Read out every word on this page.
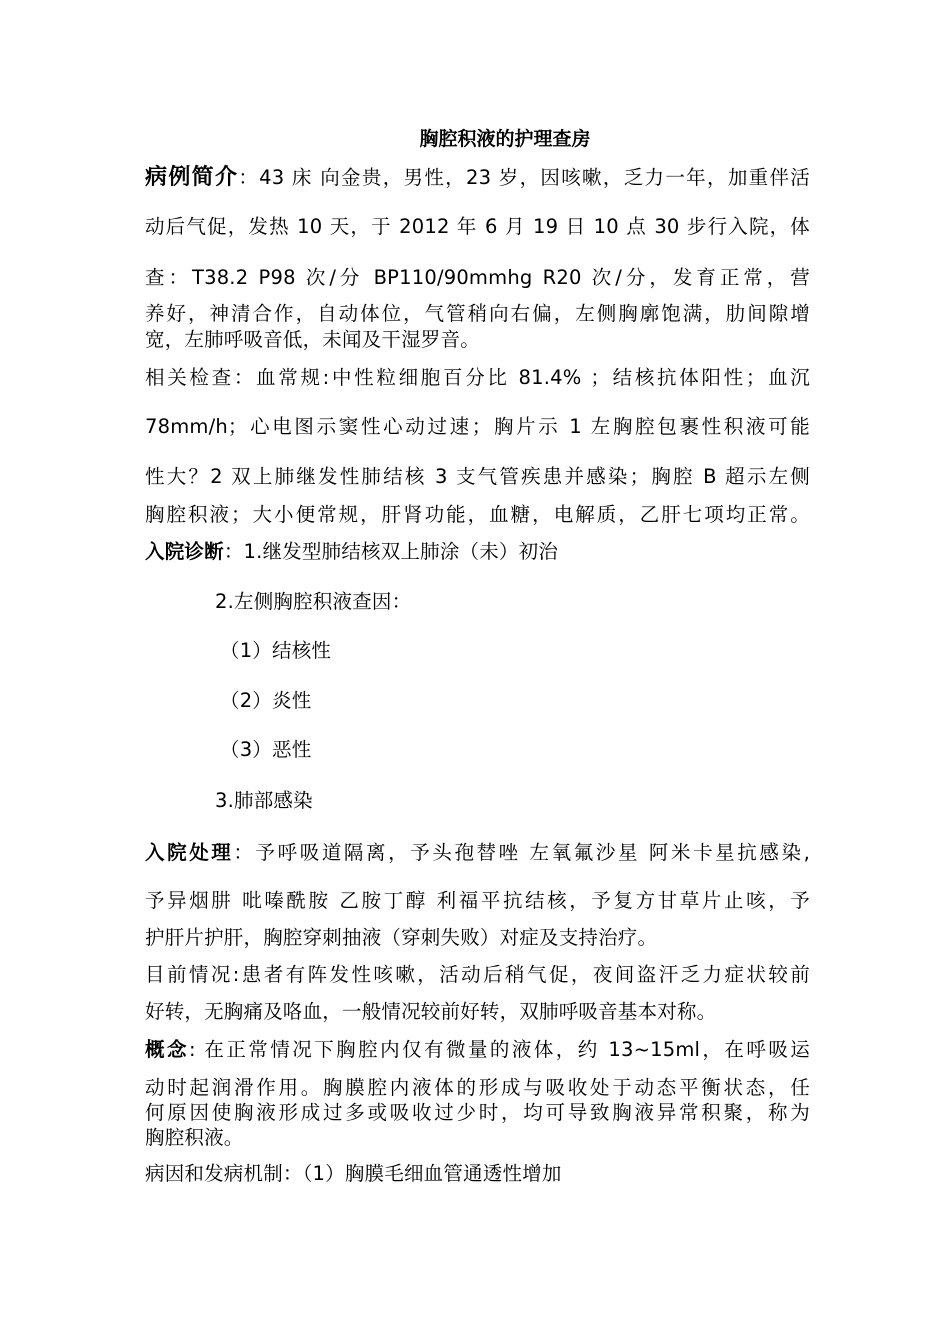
胸腔积液的护理查房
病例简介：43 床 向金贵，男性，23 岁，因咳嗽，乏力一年，加重伴活
动后气促，发热 10 天，于 2012 年 6 月 19 日 10 点 30 步行入院，体
查：T38.2 P98 次/分 BP110/90mmhg R20 次/分，发育正常，营
养好，神清合作，自动体位，气管稍向右偏，左侧胸廓饱满，肋间隙增
宽，左肺呼吸音低，未闻及干湿罗音。
相关检查：血常规:中性粒细胞百分比 81.4% ；结核抗体阳性；血沉
78mm/h；心电图示窦性心动过速；胸片示 1 左胸腔包裹性积液可能
性大？2 双上肺继发性肺结核 3 支气管疾患并感染；胸腔 B 超示左侧
胸腔积液；大小便常规，肝肾功能，血糖，电解质，乙肝七项均正常。
入院诊断：1.继发型肺结核双上肺涂（未）初治
2.左侧胸腔积液查因：
（1）结核性
（2）炎性
（3）恶性
3.肺部感染
入院处理：予呼吸道隔离，予头孢替唑 左氧氟沙星 阿米卡星抗感染,
予异烟肼 吡嗪酰胺 乙胺丁醇 利福平抗结核，予复方甘草片止咳，予
护肝片护肝，胸腔穿刺抽液（穿刺失败）对症及支持治疗。
目前情况:患者有阵发性咳嗽，活动后稍气促，夜间盗汗乏力症状较前
好转，无胸痛及咯血，一般情况较前好转，双肺呼吸音基本对称。
概念: 在正常情况下胸腔内仅有微量的液体，约 13~15ml，在呼吸运
动时起润滑作用。胸膜腔内液体的形成与吸收处于动态平衡状态，任
何原因使胸液形成过多或吸收过少时，均可导致胸液异常积聚，称为
胸腔积液。
病因和发病机制：（1）胸膜毛细血管通透性增加
